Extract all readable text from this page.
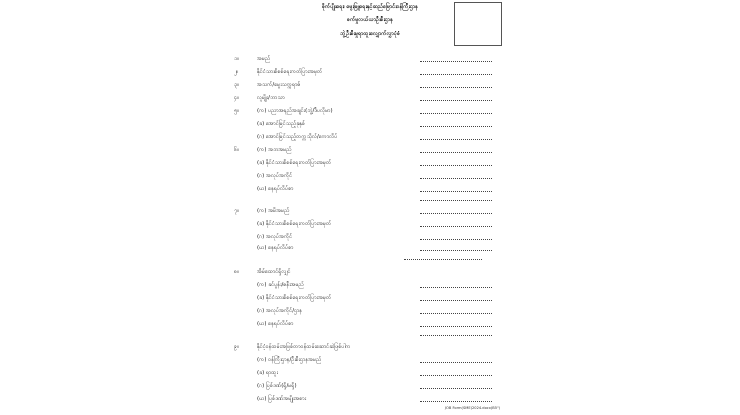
စိုက်ပျိုးရေး၊ မွေးမြူရေးနှင့်ဆည်မြောင်းဝန်ကြီးဌာန
စက်မှုလယ်ယာဦးစီးဌာန
ဘွဲ့ဦးစီးမှုရာထူးလျှောက်လွှာပုံစံ
၁။	အမည်
၂။	နိုင်ငံသားစိစစ်ရေးကတ်ပြားအမှတ်
၃။	အသက်/မွေးသက္ကရာဇ်
၄။	လူမျိုး/ဘာသာ
၅။	(က) ပညာအရည်အချင်း(ဘွဲ့/ဒီပလိုမာ)
(ခ) အောင်မြင်သည့်ခုနှစ်
(ဂ) အောင်မြင်သည့်တက္ကသိုလ်/ကောလိပ်
၆။	(က) အဘအမည်
(ခ) နိုင်ငံသားစိစစ်ရေးကတ်ပြားအမှတ်
(ဂ) အလုပ်အကိုင်
(ဃ) နေရပ်လိပ်စာ
၇။	(က) အမိအမည်
(ခ) နိုင်ငံသားစိစစ်ရေးကတ်ပြားအမှတ်
(ဂ) အလုပ်အကိုင်
(ဃ) နေရပ်လိပ်စာ
၈။	အိမ်ထောင်ရှိလျှင်
(က) ခင်ပွန်း/ဇနီးအမည်
(ခ) နိုင်ငံသားစိစစ်ရေးကတ်ပြားအမှတ်
(ဂ) အလုပ်အကိုင်/ဌာန
(ဃ) နေရပ်လိပ်စာ
၉။	နိုင်ငံ့ဝန်ထမ်းအဖြစ်တာဝန်ထမ်းဆောင်ဆဲဖြစ်ပါက
(က) ဝန်ကြီးဌာန/ဦးစီးဌာနအမည်
(ခ) ရာထူး
(ဂ) ပြစ်ဒဏ်(ရှိ/မရှိ)
(ဃ) ပြစ်ဒဏ်အမျိုးအစား
JOB Form(SME)2024.docx(B5")
